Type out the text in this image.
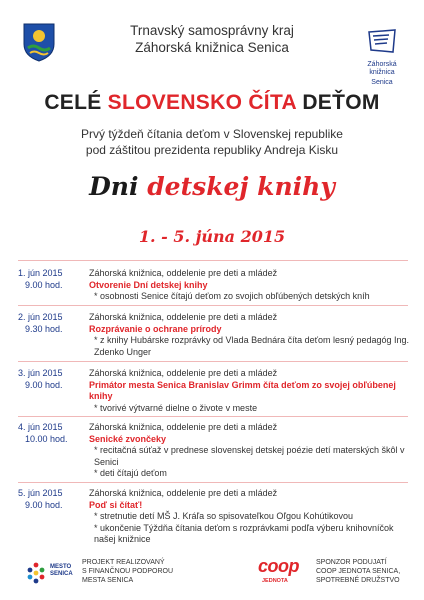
Trnavský samosprávny kraj
Záhorská knižnica Senica
Záhorská knižnica
Senica
CELÉ SLOVENSKO ČÍTA DEŤOM
Prvý týždeň čítania deťom v Slovenskej republike
pod záštitou prezidenta republiky Andreja Kisku
Dni detskej knihy
1. - 5. júna 2015
1. jún 2015
9.00 hod.
Záhorská knižnica, oddelenie pre deti a mládež
Otvorenie Dní detskej knihy
* osobnosti Senice čítajú deťom zo svojich obľúbených detských kníh
2. jún 2015
9.30 hod.
Záhorská knižnica, oddelenie pre deti a mládež
Rozprávanie o ochrane prírody
* z knihy Hubárske rozprávky od Vlada Bednára číta deťom lesný pedagóg Ing. Zdenko Unger
3. jún 2015
9.00 hod.
Záhorská knižnica, oddelenie pre deti a mládež
Primátor mesta Senica Branislav Grimm číta deťom zo svojej obľúbenej knihy
* tvorivé výtvarné dielne o živote v meste
4. jún 2015
10.00 hod.
Záhorská knižnica, oddelenie pre deti a mládež
Senické zvončeky
* recitačná súťaž v prednese slovenskej detskej poézie detí materských škôl v Senici
* deti čítajú deťom
5. jún 2015
9.00 hod.
Záhorská knižnica, oddelenie pre deti a mládež
Poď si čítať!
* stretnutie detí MŠ J. Kráľa so spisovateľkou Oľgou Kohútikovou
* ukončenie Týždňa čítania deťom s rozprávkami podľa výberu knihovníčok našej knižnice
MESTO
SENICA
PROJEKT REALIZOVANÝ
S FINANČNOU PODPOROU
MESTA SENICA
coop
JEDNOTA
SPONZOR PODUJATÍ
COOP JEDNOTA SENICA,
SPOTREBNÉ DRUŽSTVO
